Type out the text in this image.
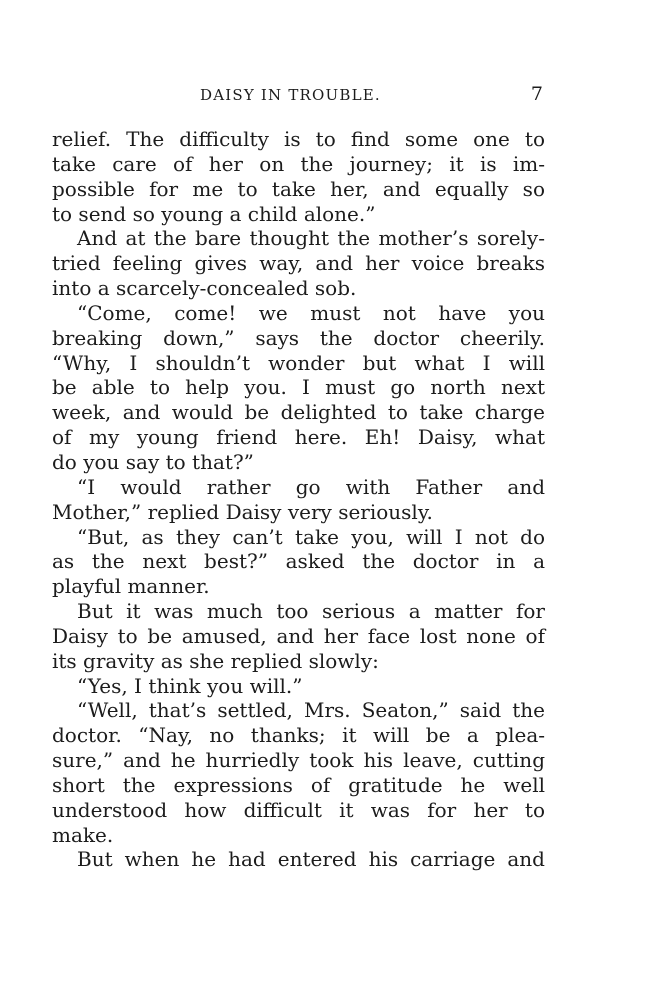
DAISY IN TROUBLE.	7
relief. The difficulty is to find some one to
take care of her on the journey; it is im-
possible for me to take her, and equally so
to send so young a child alone.”
And at the bare thought the mother’s sorely-
tried feeling gives way, and her voice breaks
into a scarcely-concealed sob.
“Come, come! we must not have you
breaking down,” says the doctor cheerily.
“Why, I shouldn’t wonder but what I will
be able to help you. I must go north next
week, and would be delighted to take charge
of my young friend here. Eh! Daisy, what
do you say to that?”
“I would rather go with Father and
Mother,” replied Daisy very seriously.
“But, as they can’t take you, will I not do
as the next best?” asked the doctor in a
playful manner.
But it was much too serious a matter for
Daisy to be amused, and her face lost none of
its gravity as she replied slowly:
“Yes, I think you will.”
“Well, that’s settled, Mrs. Seaton,” said the
doctor. “Nay, no thanks; it will be a plea-
sure,” and he hurriedly took his leave, cutting
short the expressions of gratitude he well
understood how difficult it was for her to
make.
But when he had entered his carriage and
